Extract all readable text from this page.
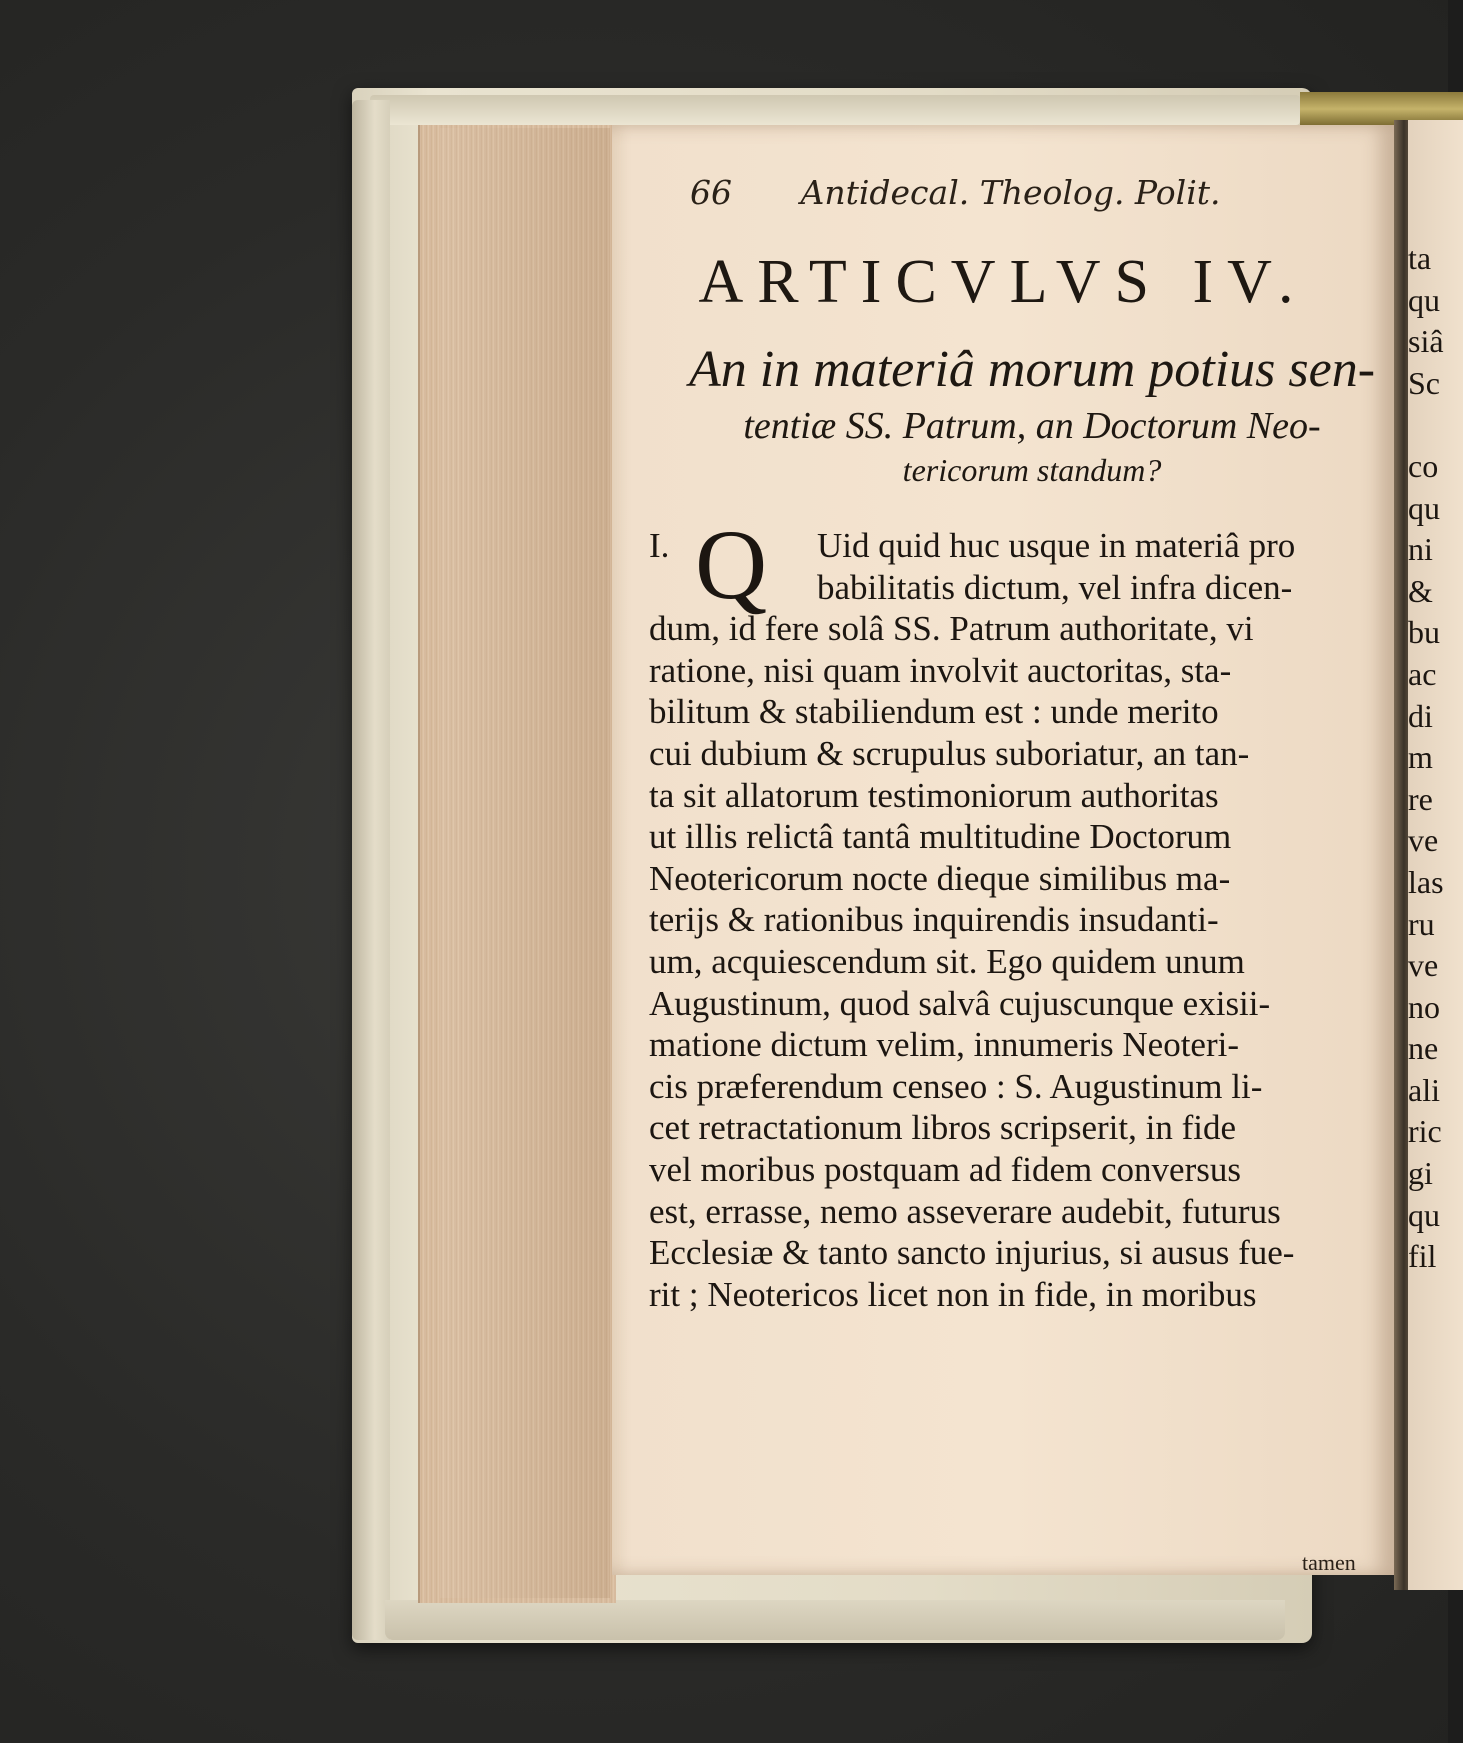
66 Antidecal. Theolog. Polit.
ARTICVLVS IV.
An in materiâ morum potius sen-
tentiæ SS. Patrum, an Doctorum Neo-
tericorum standum?
Q
I.	Uid quid huc usque in materiâ pro
babilitatis dictum, vel infra dicen-
dum, id fere solâ SS. Patrum authoritate, vi
ratione, nisi quam involvit auctoritas, sta-
bilitum & stabiliendum est : unde merito
cui dubium & scrupulus suboriatur, an tan-
ta sit allatorum testimoniorum authoritas
ut illis relictâ tantâ multitudine Doctorum
Neotericorum nocte dieque similibus ma-
terijs & rationibus inquirendis insudanti-
um, acquiescendum sit. Ego quidem unum
Augustinum, quod salvâ cujuscunque exisii-
matione dictum velim, innumeris Neoteri-
cis præferendum censeo : S. Augustinum li-
cet retractationum libros scripserit, in fide
vel moribus postquam ad fidem conversus
est, errasse, nemo asseverare audebit, futurus
Ecclesiæ & tanto sancto injurius, si ausus fue-
rit ; Neotericos licet non in fide, in moribus
tamen
ta
qu
siâ
Sc
co
qu
ni
&
bu
ac
di
m
re
ve
las
ru
ve
no
ne
ali
ric
gi
qu
fil
